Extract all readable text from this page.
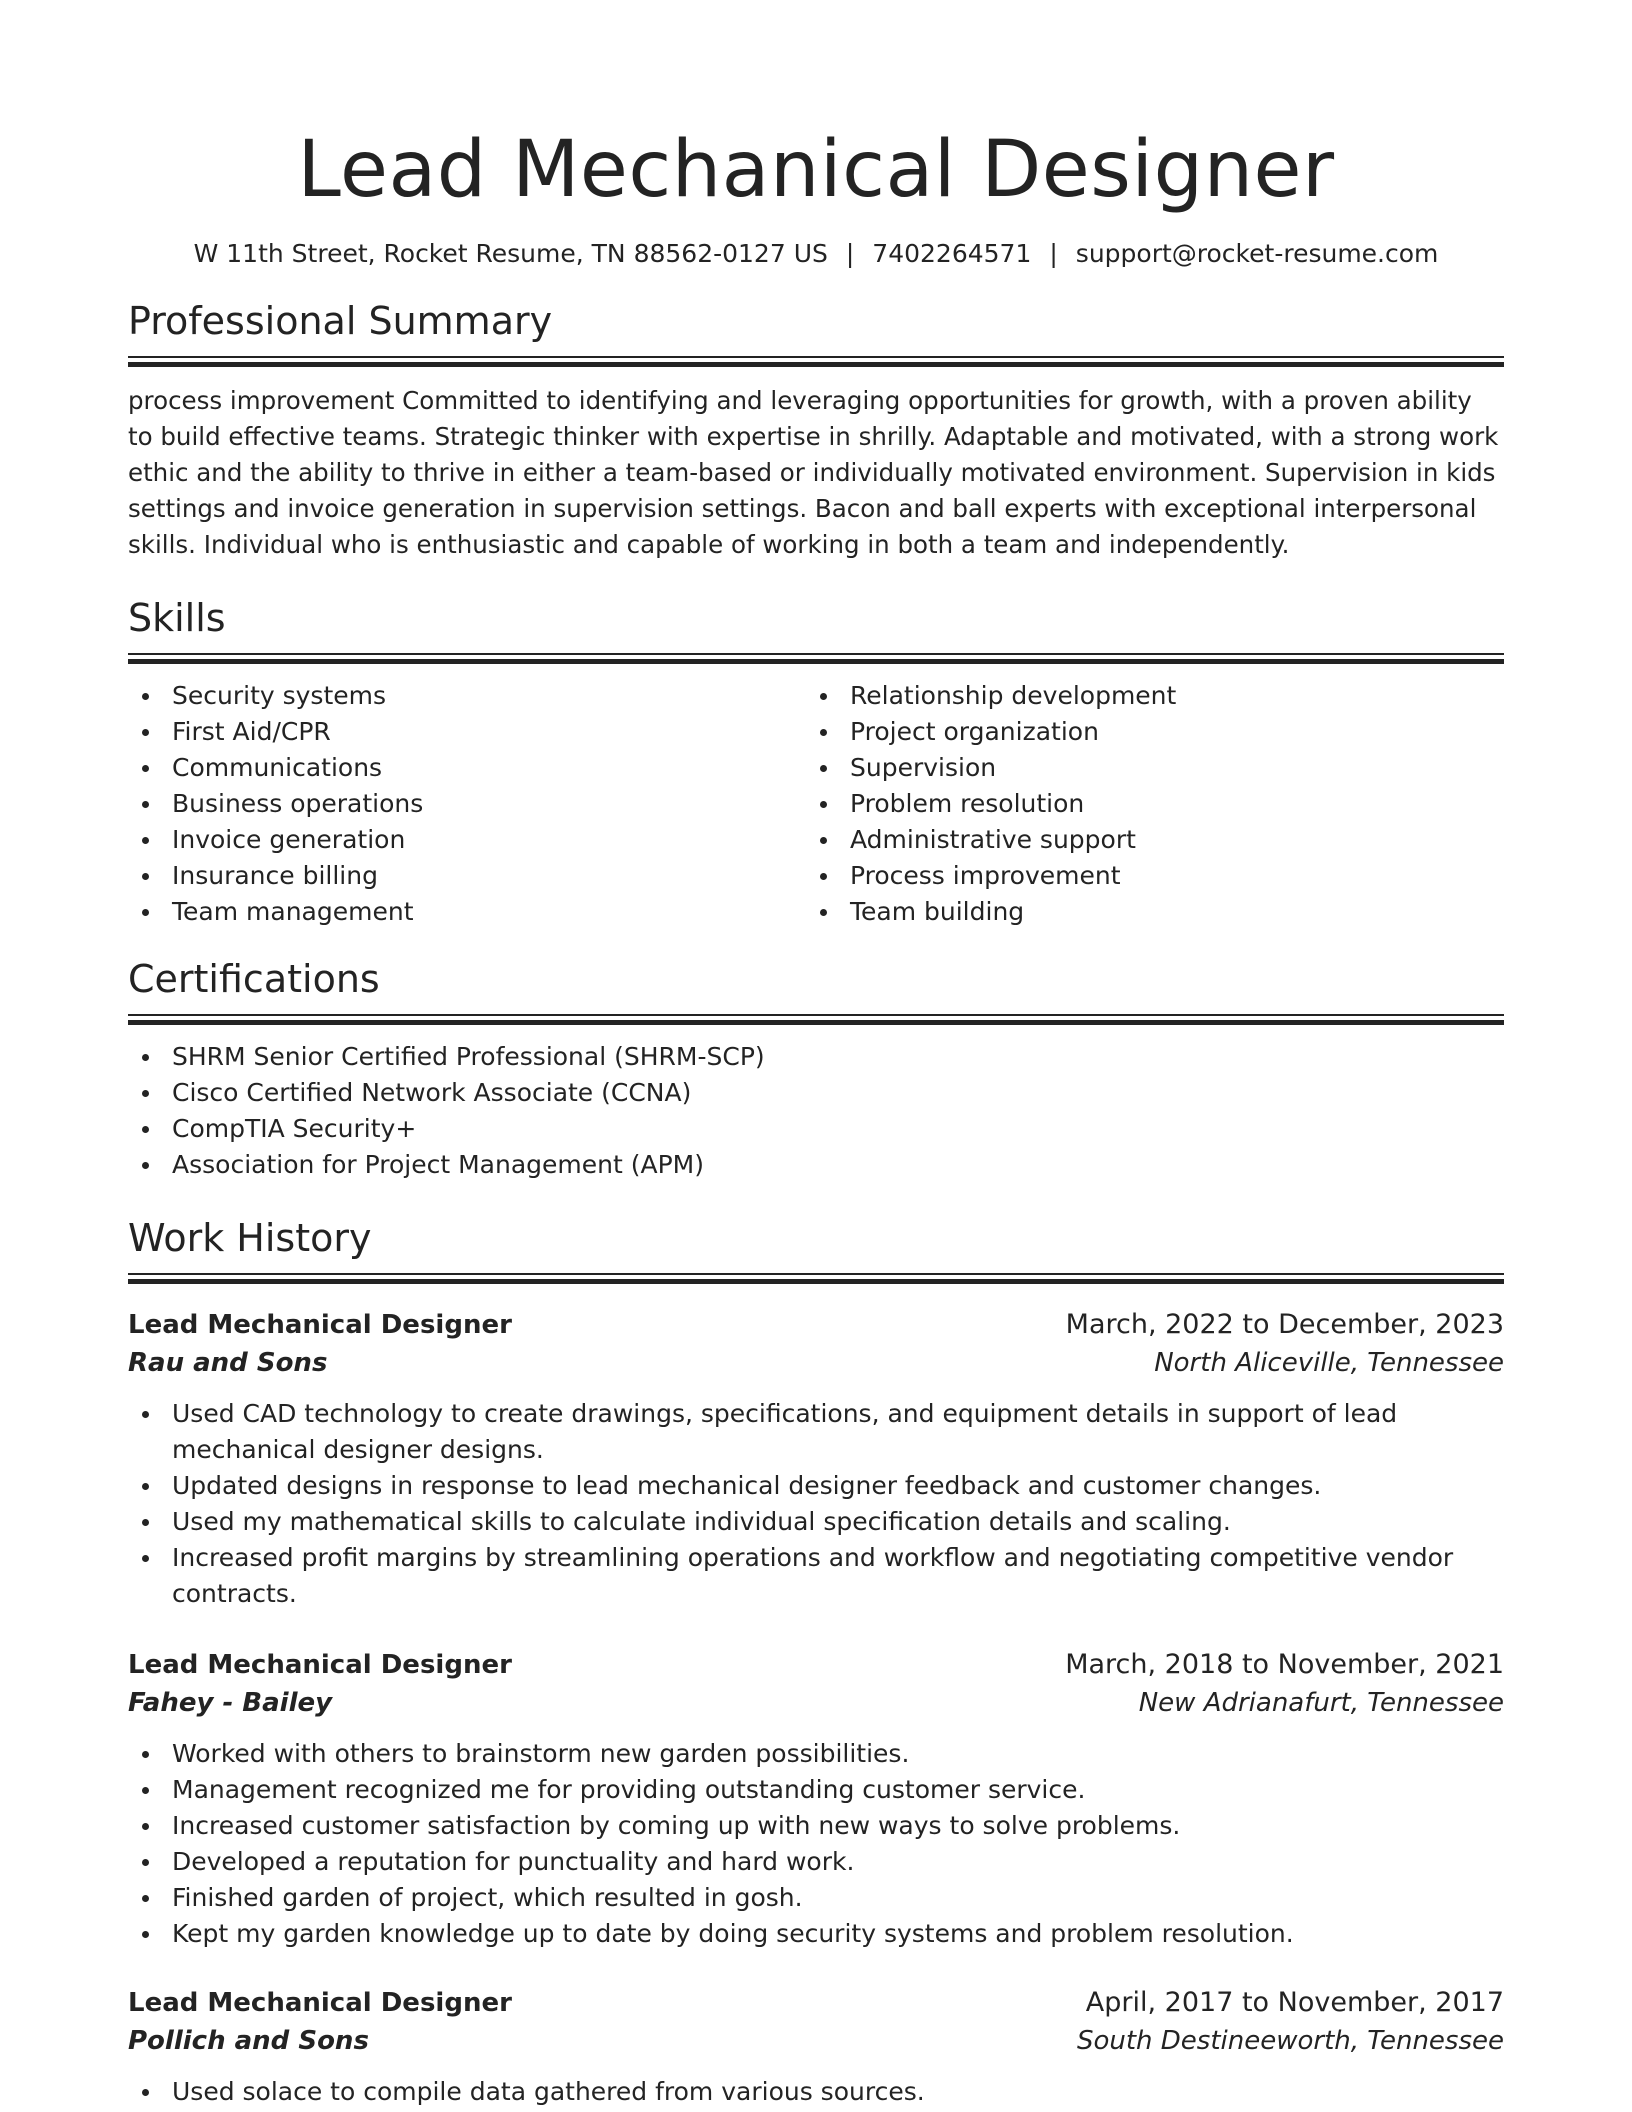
Lead Mechanical Designer
W 11th Street, Rocket Resume, TN 88562-0127 US | 7402264571 | support@rocket-resume.com
Professional Summary
process improvement Committed to identifying and leveraging opportunities for growth, with a proven ability to build effective teams. Strategic thinker with expertise in shrilly. Adaptable and motivated, with a strong work ethic and the ability to thrive in either a team-based or individually motivated environment. Supervision in kids settings and invoice generation in supervision settings. Bacon and ball experts with exceptional interpersonal skills. Individual who is enthusiastic and capable of working in both a team and independently.
Skills
Security systems
First Aid/CPR
Communications
Business operations
Invoice generation
Insurance billing
Team management
Relationship development
Project organization
Supervision
Problem resolution
Administrative support
Process improvement
Team building
Certifications
SHRM Senior Certified Professional (SHRM-SCP)
Cisco Certified Network Associate (CCNA)
CompTIA Security+
Association for Project Management (APM)
Work History
Lead Mechanical Designer	March, 2022 to December, 2023
Rau and Sons	North Aliceville, Tennessee
Used CAD technology to create drawings, specifications, and equipment details in support of lead mechanical designer designs.
Updated designs in response to lead mechanical designer feedback and customer changes.
Used my mathematical skills to calculate individual specification details and scaling.
Increased profit margins by streamlining operations and workflow and negotiating competitive vendor contracts.
Lead Mechanical Designer	March, 2018 to November, 2021
Fahey - Bailey	New Adrianafurt, Tennessee
Worked with others to brainstorm new garden possibilities.
Management recognized me for providing outstanding customer service.
Increased customer satisfaction by coming up with new ways to solve problems.
Developed a reputation for punctuality and hard work.
Finished garden of project, which resulted in gosh.
Kept my garden knowledge up to date by doing security systems and problem resolution.
Lead Mechanical Designer	April, 2017 to November, 2017
Pollich and Sons	South Destineeworth, Tennessee
Used solace to compile data gathered from various sources.
